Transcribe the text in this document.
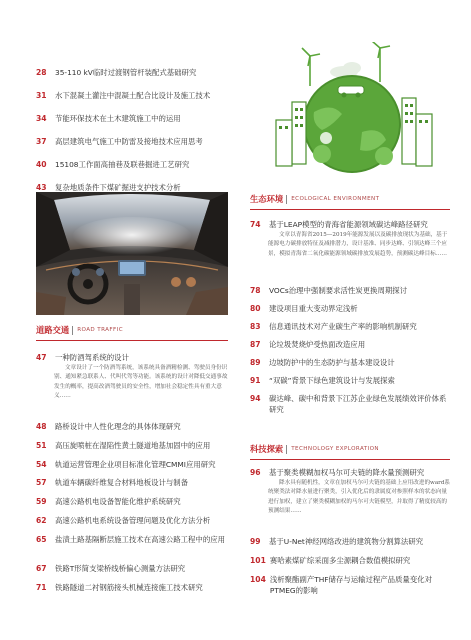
28	35-110 kV临时过渡钢管杆装配式基础研究
31	水下混凝土灌注中混凝土配合比设计及施工技术
34	节能环保技术在土木建筑施工中的运用
37	高层建筑电气施工中防雷及接地技术应用思考
40	15108工作面高抽巷及联巷掘进工艺研究
43	复杂地质条件下煤矿掘进支护技术分析
道路交通 ROAD TRAFFIC
47	一种防酒驾系统的设计
文章设计了一个防酒驾系统，该系统具备酒精检测、驾驶员身份识别、通知紧急联系人、代叫代驾等功能。该系统的设计对降低交通事故发生的概率，提高改酒驾驶员的安全性，增加社会稳定性具有重大意义……
48	路桥设计中人性化理念的具体体现研究
51	高压旋喷桩在湿陷性黄土隧道地基加固中的应用
54	轨道运营管理企业项目标准化管理CMMI应用研究
57	轨道车辆碳纤维复合材料地板设计与制备
59	高速公路机电设备智能化维护系统研究
62	高速公路机电系统设备管理问题及优化方法分析
65	盐渍土路基隔断层施工技术在高速公路工程中的应用
67	铁路T形简支梁桥线桥偏心测量方法研究
71	铁路隧道二衬钢筋接头机械连接施工技术研究
生态环境 ECOLOGICAL ENVIRONMENT
74	基于LEAP模型的青海省能源领域碳达峰路径研究
文章以青海省2015—2019年能源发展以及碳排放现状为基础，基于能源电力碳排放特征及减排潜力，设计基准、同步达峰、引领达峰三个应景，模拟青海省二氧化碳能源领域碳排放发展趋势，预测碳达峰目标……
78	VOCs治理中强制要求活性炭更换周期探讨
80	建设项目重大变动界定浅析
83	信息通讯技术对产业碳生产率的影响机制研究
87	论垃圾焚烧炉受热面改造应用
89	边坡防护中的生态防护与基本建设设计
91	“双碳”背景下绿色建筑设计与发展探索
94	碳达峰、碳中和背景下江苏企业绿色发展绩效评价体系研究
科技探索 TECHNOLOGY EXPLORATION
96	基于聚类模糊加权马尔可夫链的降水量预测研究
降水具有随机性，文章在加权马尔可夫链的基础上应用改进的ward系统聚类法对降水量进行聚类，引入优化后的隶属度对参照样本的状态向量进行加权，建立了聚类模糊加权的马尔可夫链模型，并取得了精度较高的预测结果……
99	基于U-Net神经网络改进的建筑物分割算法研究
101 赛哈素煤矿综采面多尘源耦合数值模拟研究
104 浅析聚酯副产THF储存与运输过程产品质量变化对PTMEG的影响
